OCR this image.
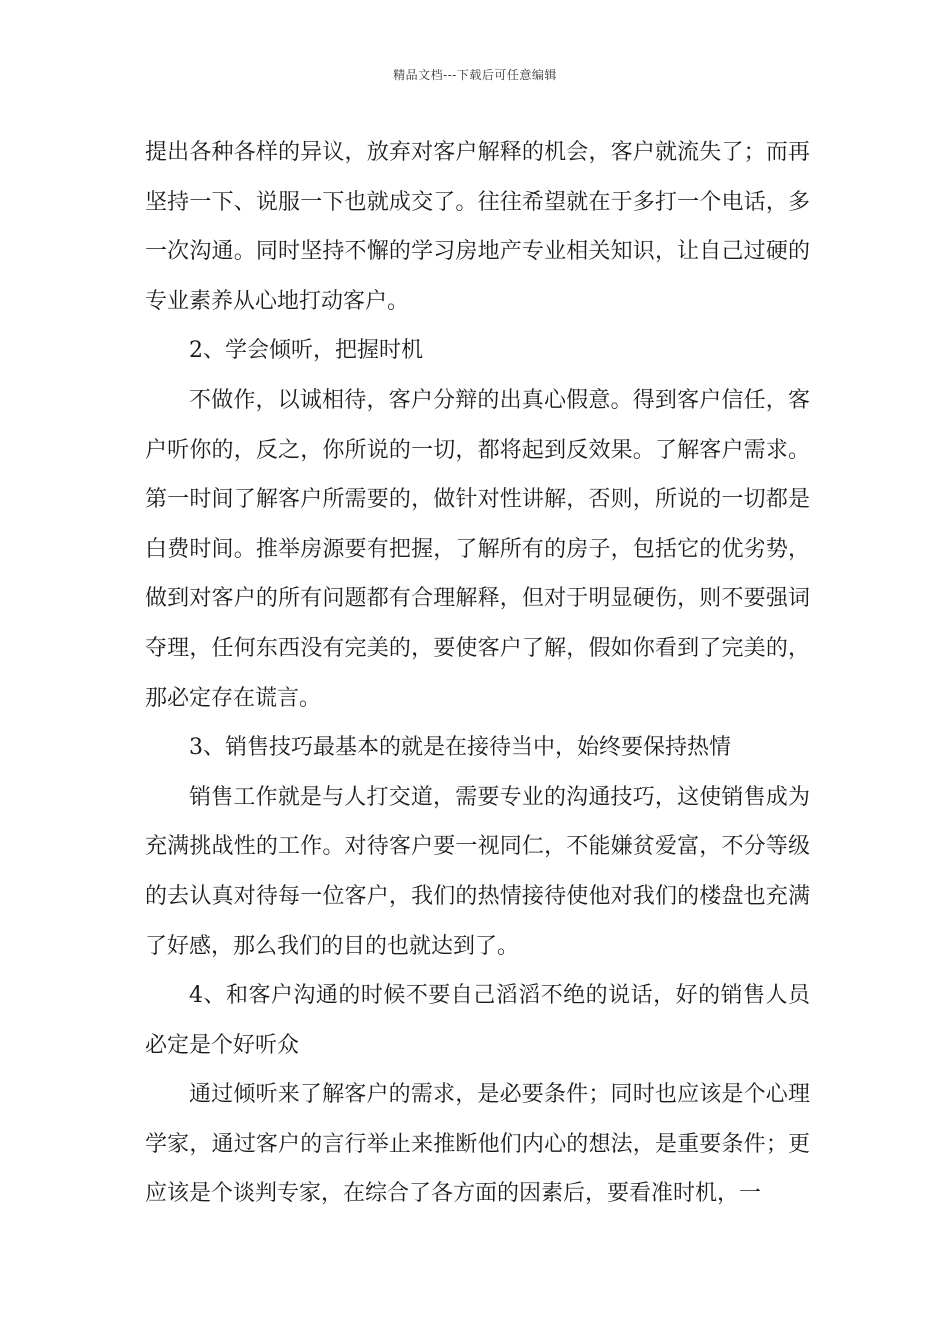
精品文档---下载后可任意编辑

提出各种各样的异议，放弃对客户解释的机会，客户就流失了；而再坚持一下、说服一下也就成交了。往往希望就在于多打一个电话，多一次沟通。同时坚持不懈的学习房地产专业相关知识，让自己过硬的专业素养从心地打动客户。

2、学会倾听，把握时机

不做作，以诚相待，客户分辩的出真心假意。得到客户信任，客户听你的，反之，你所说的一切，都将起到反效果。了解客户需求。第一时间了解客户所需要的，做针对性讲解，否则，所说的一切都是白费时间。推举房源要有把握，了解所有的房子，包括它的优劣势，做到对客户的所有问题都有合理解释，但对于明显硬伤，则不要强词夺理，任何东西没有完美的，要使客户了解，假如你看到了完美的，那必定存在谎言。

3、销售技巧最基本的就是在接待当中，始终要保持热情

销售工作就是与人打交道，需要专业的沟通技巧，这使销售成为充满挑战性的工作。对待客户要一视同仁，不能嫌贫爱富，不分等级的去认真对待每一位客户，我们的热情接待使他对我们的楼盘也充满了好感，那么我们的目的也就达到了。

4、和客户沟通的时候不要自己滔滔不绝的说话，好的销售人员必定是个好听众

通过倾听来了解客户的需求，是必要条件；同时也应该是个心理学家，通过客户的言行举止来推断他们内心的想法，是重要条件；更应该是个谈判专家，在综合了各方面的因素后，要看准时机，一
